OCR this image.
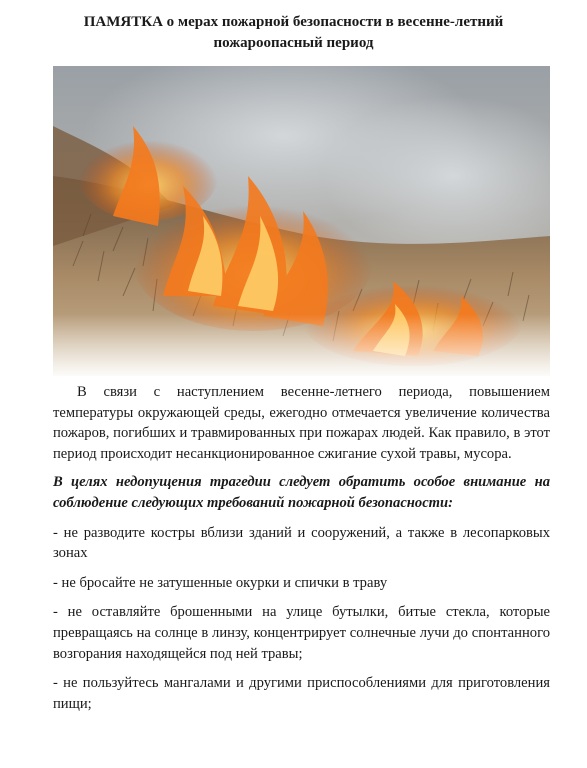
ПАМЯТКА о мерах пожарной безопасности в весенне-летний пожароопасный период

В связи с наступлением весенне-летнего периода, повышением температуры окружающей среды, ежегодно отмечается увеличение количества пожаров, погибших и травмированных при пожарах людей. Как правило, в этот период происходит несанкционированное сжигание сухой травы, мусора.

В целях недопущения трагедии следует обратить особое внимание на соблюдение следующих требований пожарной безопасности:

- не разводите костры вблизи зданий и сооружений, а также в лесопарковых зонах

- не бросайте не затушенные окурки и спички в траву

- не оставляйте брошенными на улице бутылки, битые стекла, которые превращаясь на солнце в линзу, концентрирует солнечные лучи до спонтанного возгорания находящейся под ней травы;

- не пользуйтесь мангалами и другими приспособлениями для приготовления пищи;
